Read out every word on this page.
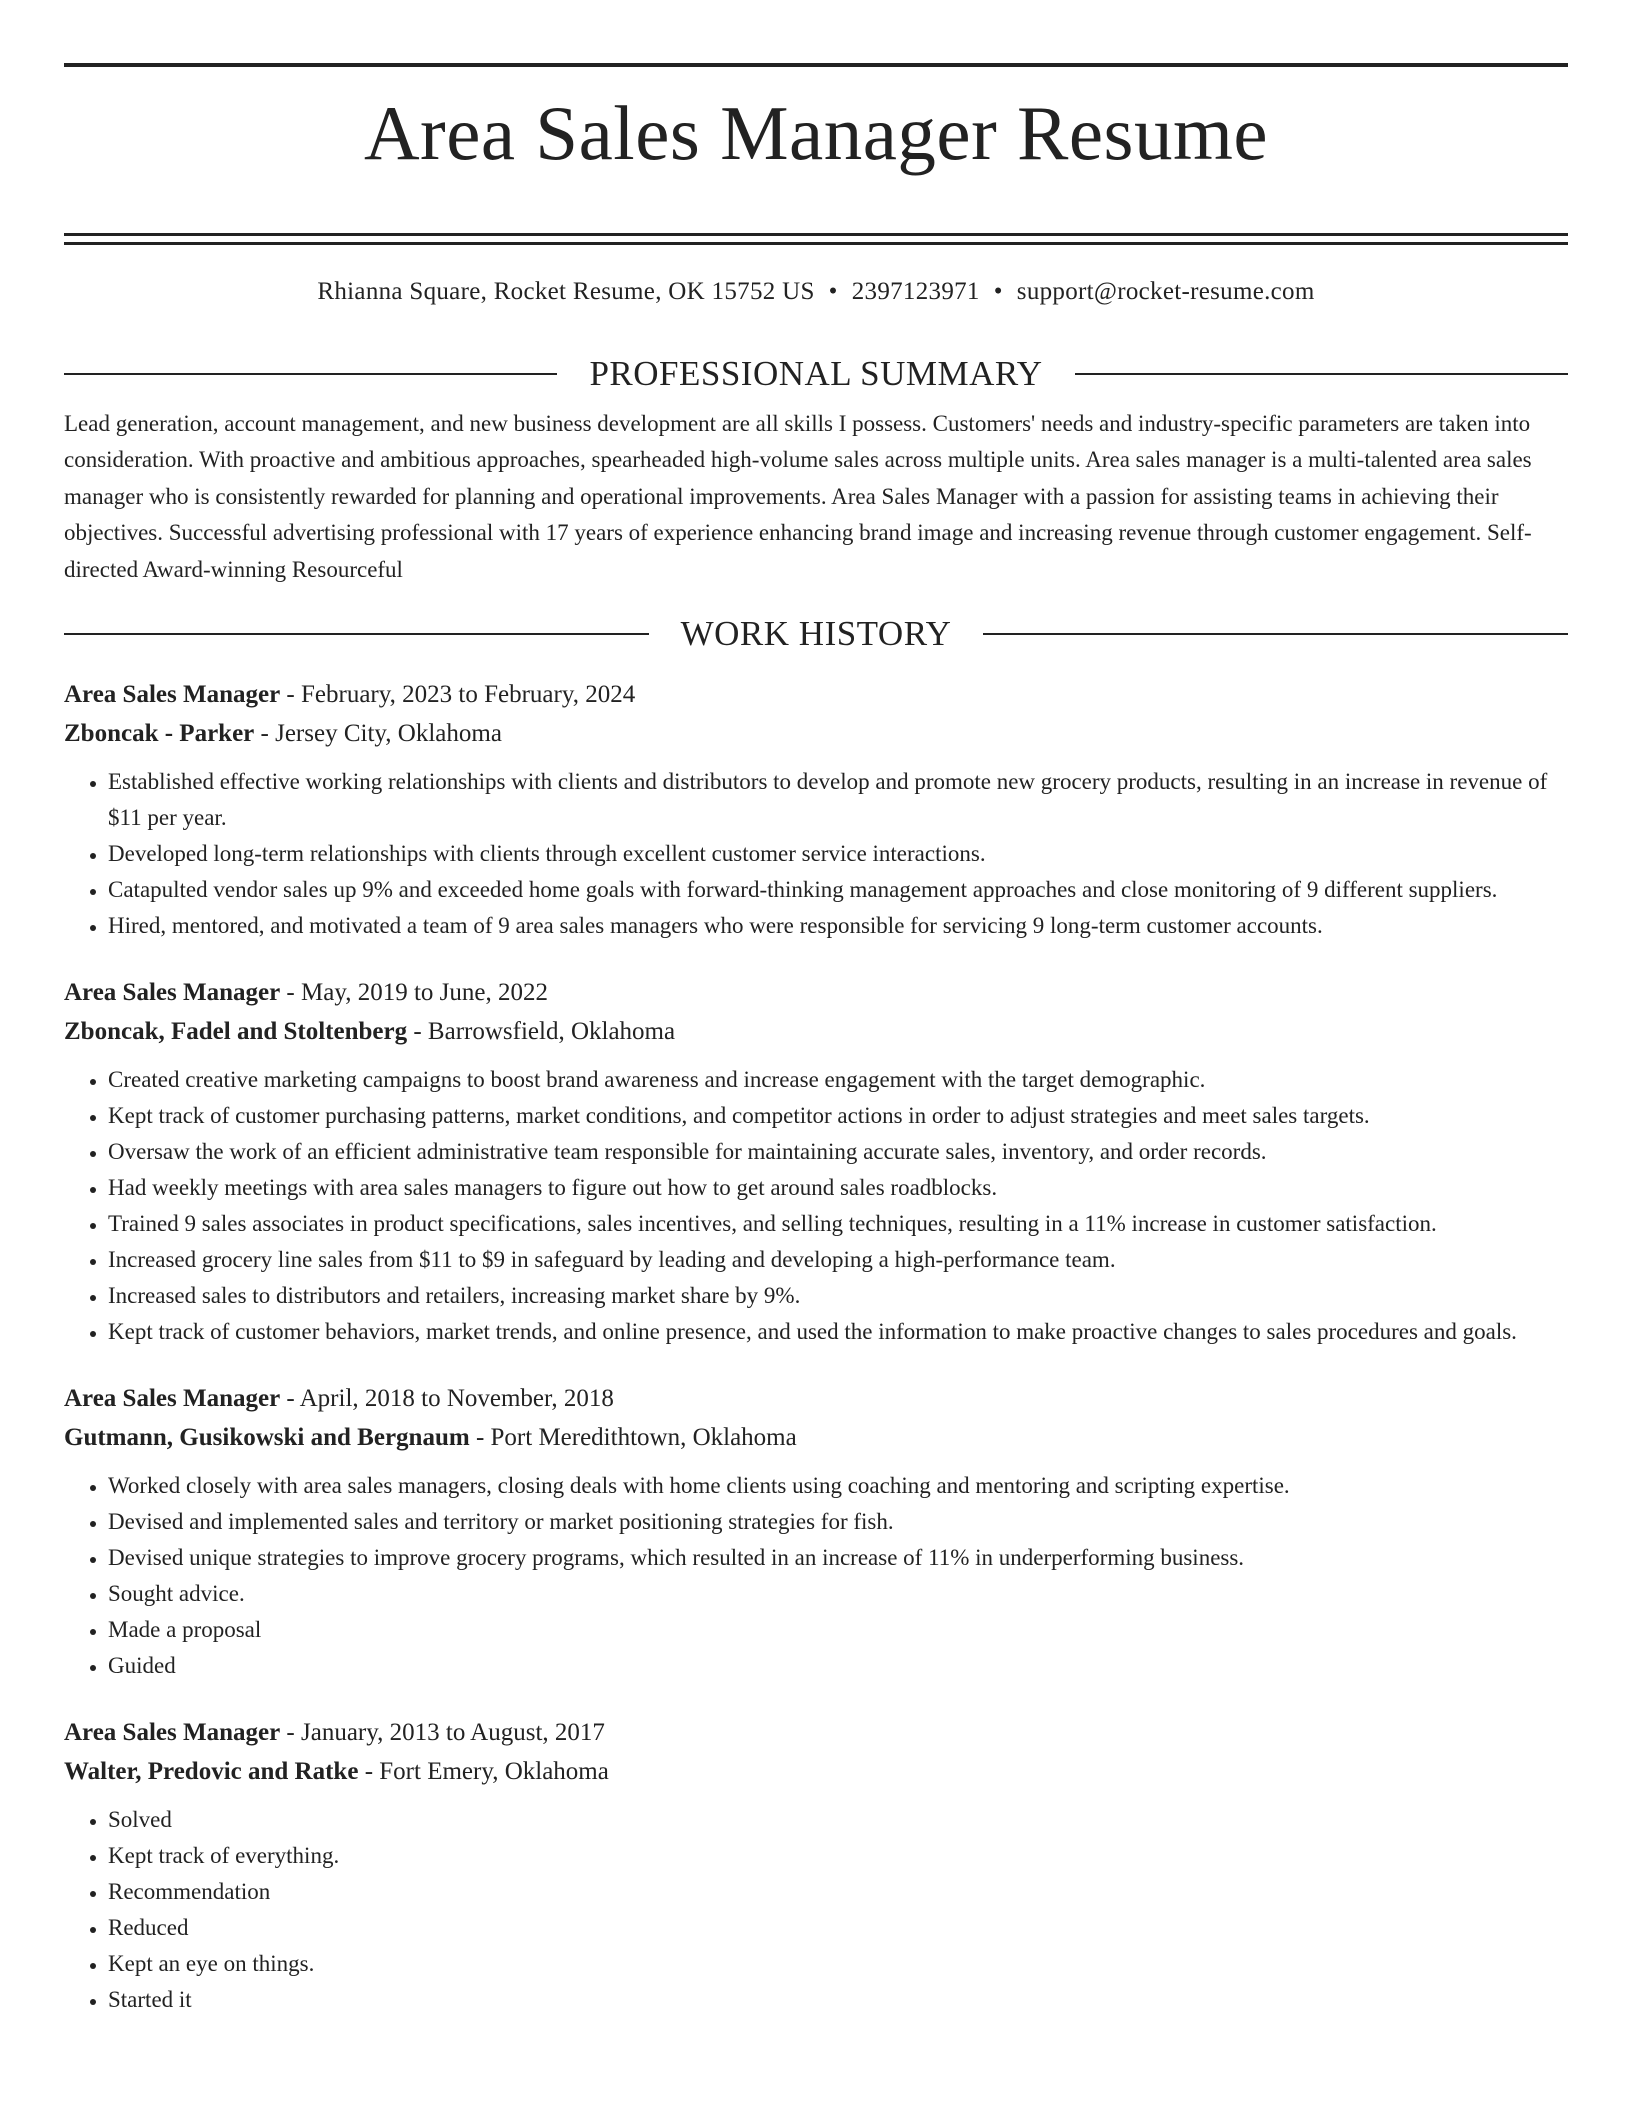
Area Sales Manager Resume
Rhianna Square, Rocket Resume, OK 15752 US • 2397123971 • support@rocket-resume.com
PROFESSIONAL SUMMARY

Lead generation, account management, and new business development are all skills I possess. Customers' needs and industry-specific parameters are taken into consideration. With proactive and ambitious approaches, spearheaded high-volume sales across multiple units. Area sales manager is a multi-talented area sales manager who is consistently rewarded for planning and operational improvements. Area Sales Manager with a passion for assisting teams in achieving their objectives. Successful advertising professional with 17 years of experience enhancing brand image and increasing revenue through customer engagement. Self-directed Award-winning Resourceful

WORK HISTORY
Area Sales Manager - February, 2023 to February, 2024
Zboncak - Parker - Jersey City, Oklahoma
• Established effective working relationships with clients and distributors to develop and promote new grocery products, resulting in an increase in revenue of $11 per year.
• Developed long-term relationships with clients through excellent customer service interactions.
• Catapulted vendor sales up 9% and exceeded home goals with forward-thinking management approaches and close monitoring of 9 different suppliers.
• Hired, mentored, and motivated a team of 9 area sales managers who were responsible for servicing 9 long-term customer accounts.
Area Sales Manager - May, 2019 to June, 2022
Zboncak, Fadel and Stoltenberg - Barrowsfield, Oklahoma
• Created creative marketing campaigns to boost brand awareness and increase engagement with the target demographic.
• Kept track of customer purchasing patterns, market conditions, and competitor actions in order to adjust strategies and meet sales targets.
• Oversaw the work of an efficient administrative team responsible for maintaining accurate sales, inventory, and order records.
• Had weekly meetings with area sales managers to figure out how to get around sales roadblocks.
• Trained 9 sales associates in product specifications, sales incentives, and selling techniques, resulting in a 11% increase in customer satisfaction.
• Increased grocery line sales from $11 to $9 in safeguard by leading and developing a high-performance team.
• Increased sales to distributors and retailers, increasing market share by 9%.
• Kept track of customer behaviors, market trends, and online presence, and used the information to make proactive changes to sales procedures and goals.
Area Sales Manager - April, 2018 to November, 2018
Gutmann, Gusikowski and Bergnaum - Port Meredithtown, Oklahoma
• Worked closely with area sales managers, closing deals with home clients using coaching and mentoring and scripting expertise.
• Devised and implemented sales and territory or market positioning strategies for fish.
• Devised unique strategies to improve grocery programs, which resulted in an increase of 11% in underperforming business.
• Sought advice.
• Made a proposal
• Guided
Area Sales Manager - January, 2013 to August, 2017
Walter, Predovic and Ratke - Fort Emery, Oklahoma
• Solved
• Kept track of everything.
• Recommendation
• Reduced
• Kept an eye on things.
• Started it
